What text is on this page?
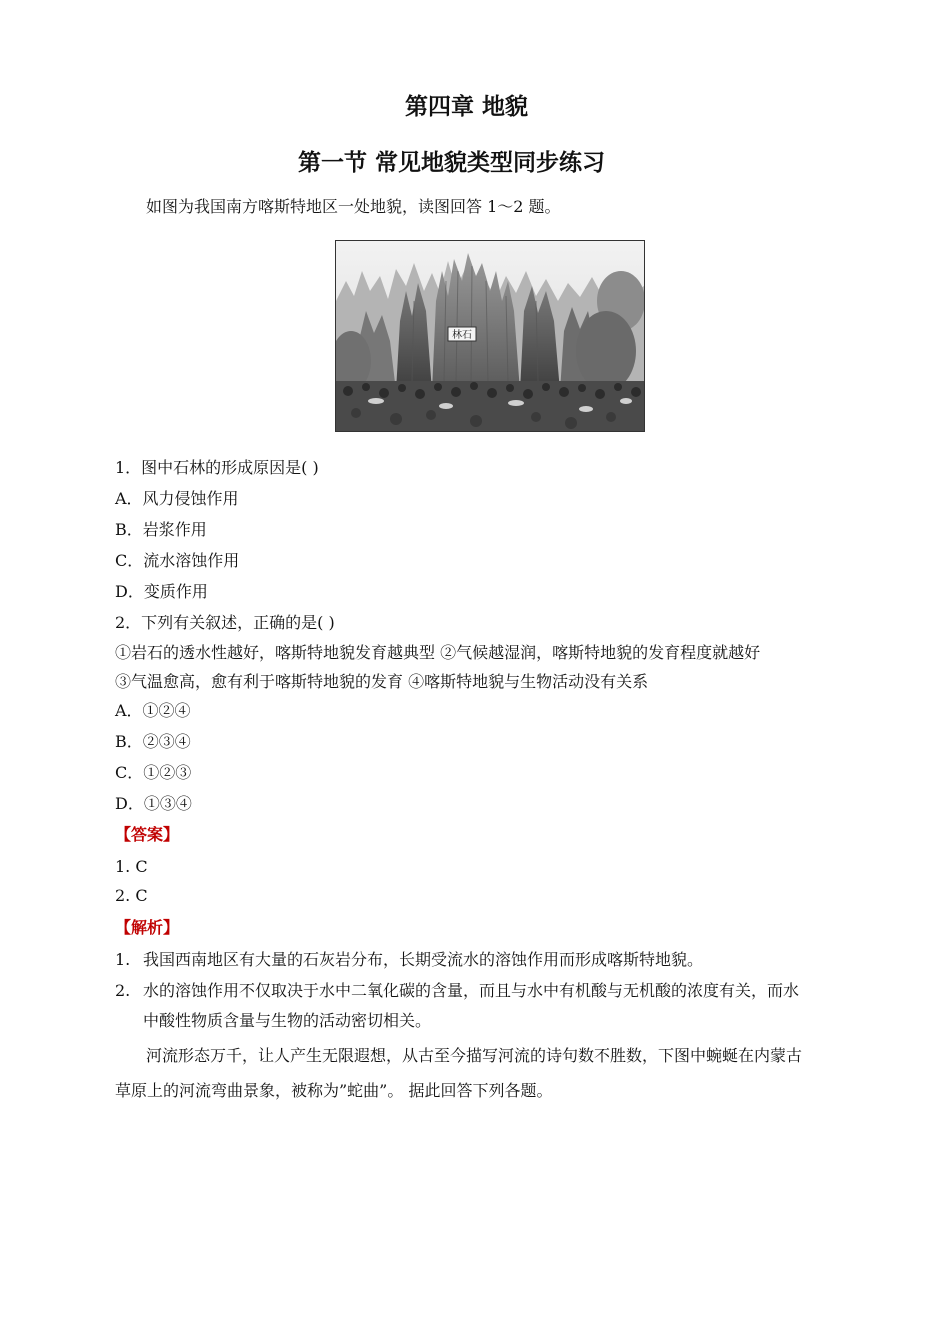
第四章 地貌
第一节 常见地貌类型同步练习
如图为我国南方喀斯特地区一处地貌，读图回答 1～2 题。
林石
1．图中石林的形成原因是( )
A．风力侵蚀作用
B．岩浆作用
C．流水溶蚀作用
D．变质作用
2．下列有关叙述，正确的是( )
①岩石的透水性越好，喀斯特地貌发育越典型 ②气候越湿润，喀斯特地貌的发育程度就越好
③气温愈高，愈有利于喀斯特地貌的发育 ④喀斯特地貌与生物活动没有关系
A．①②④
B．②③④
C．①②③
D．①③④
【答案】
1. C
2. C
【解析】
1. 我国西南地区有大量的石灰岩分布，长期受流水的溶蚀作用而形成喀斯特地貌。
2. 水的溶蚀作用不仅取决于水中二氧化碳的含量，而且与水中有机酸与无机酸的浓度有关，而水
中酸性物质含量与生物的活动密切相关。
河流形态万千，让人产生无限遐想，从古至今描写河流的诗句数不胜数，下图中蜿蜒在内蒙古
草原上的河流弯曲景象，被称为”蛇曲”。 据此回答下列各题。
